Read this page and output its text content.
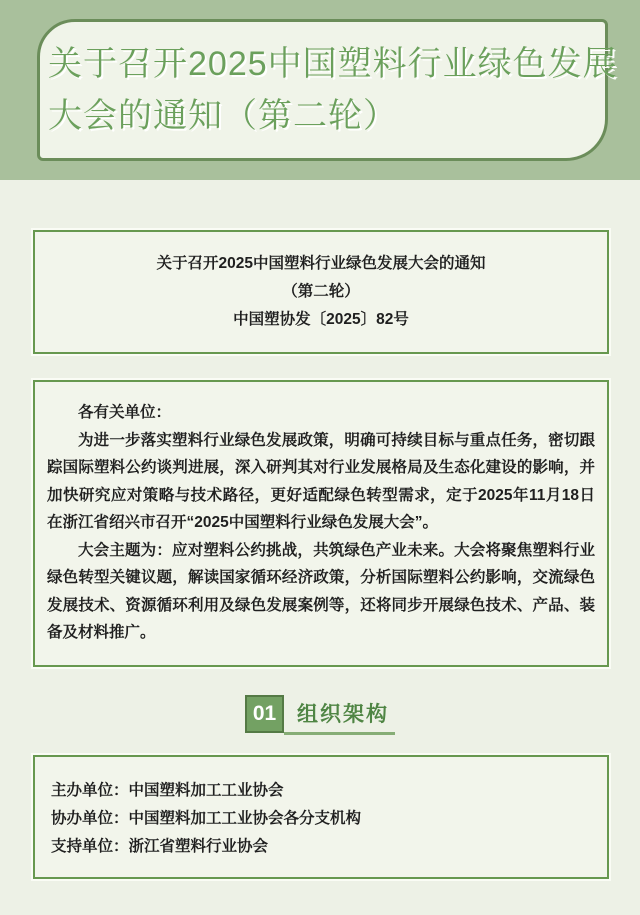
关于召开2025中国塑料行业绿色发展
大会的通知（第二轮）
关于召开2025中国塑料行业绿色发展大会的通知
（第二轮）
中国塑协发〔2025〕82号

各有关单位：

为进一步落实塑料行业绿色发展政策，明确可持续目标与重点任务，密切跟踪国际塑料公约谈判进展，深入研判其对行业发展格局及生态化建设的影响，并加快研究应对策略与技术路径，更好适配绿色转型需求，定于2025年11月18日在浙江省绍兴市召开“2025中国塑料行业绿色发展大会”。

大会主题为：应对塑料公约挑战，共筑绿色产业未来。大会将聚焦塑料行业绿色转型关键议题，解读国家循环经济政策，分析国际塑料公约影响，交流绿色发展技术、资源循环利用及绿色发展案例等，还将同步开展绿色技术、产品、装备及材料推广。

01 组织架构
主办单位：中国塑料加工工业协会
协办单位：中国塑料加工工业协会各分支机构
支持单位：浙江省塑料行业协会
